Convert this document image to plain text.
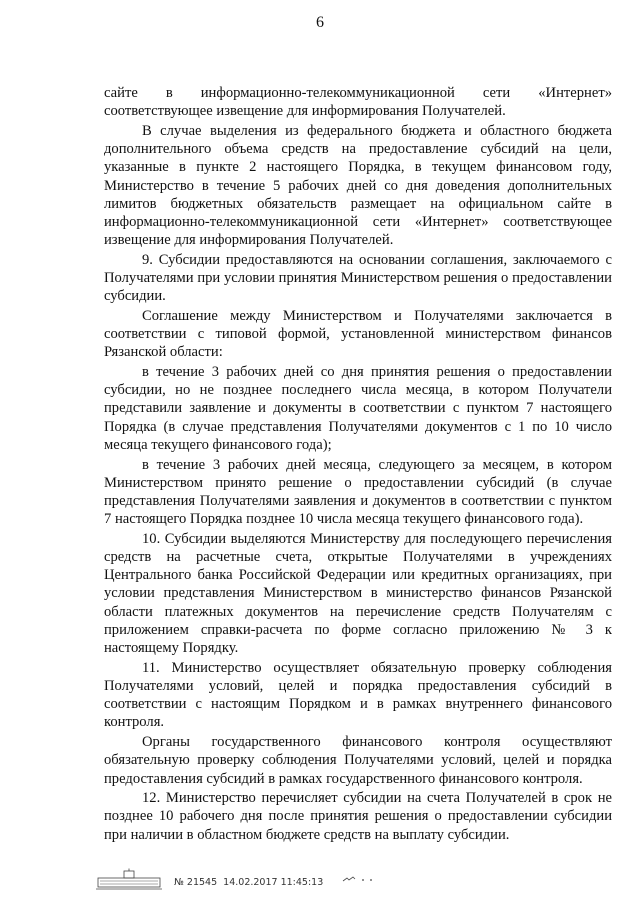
6

сайте в информационно-телекоммуникационной сети «Интернет» соответствующее извещение для информирования Получателей.

В случае выделения из федерального бюджета и областного бюджета дополнительного объема средств на предоставление субсидий на цели, указанные в пункте 2 настоящего Порядка, в текущем финансовом году, Министерство в течение 5 рабочих дней со дня доведения дополнительных лимитов бюджетных обязательств размещает на официальном сайте в информационно-телекоммуникационной сети «Интернет» соответствующее извещение для информирования Получателей.

9. Субсидии предоставляются на основании соглашения, заключаемого с Получателями при условии принятия Министерством решения о предоставлении субсидии.

Соглашение между Министерством и Получателями заключается в соответствии с типовой формой, установленной министерством финансов Рязанской области:

в течение 3 рабочих дней со дня принятия решения о предоставлении субсидии, но не позднее последнего числа месяца, в котором Получатели представили заявление и документы в соответствии с пунктом 7 настоящего Порядка (в случае представления Получателями документов с 1 по 10 число месяца текущего финансового года);

в течение 3 рабочих дней месяца, следующего за месяцем, в котором Министерством принято решение о предоставлении субсидий (в случае представления Получателями заявления и документов в соответствии с пунктом 7 настоящего Порядка позднее 10 числа месяца текущего финансового года).

10. Субсидии выделяются Министерству для последующего перечисления средств на расчетные счета, открытые Получателями в учреждениях Центрального банка Российской Федерации или кредитных организациях, при условии представления Министерством в министерство финансов Рязанской области платежных документов на перечисление средств Получателям с приложением справки-расчета по форме согласно приложению № 3 к настоящему Порядку.

11. Министерство осуществляет обязательную проверку соблюдения Получателями условий, целей и порядка предоставления субсидий в соответствии с настоящим Порядком и в рамках внутреннего финансового контроля.

Органы государственного финансового контроля осуществляют обязательную проверку соблюдения Получателями условий, целей и порядка предоставления субсидий в рамках государственного финансового контроля.

12. Министерство перечисляет субсидии на счета Получателей в срок не позднее 10 рабочего дня после принятия решения о предоставлении субсидии при наличии в областном бюджете средств на выплату субсидии.

№ 21545 14.02.2017 11:45:13
